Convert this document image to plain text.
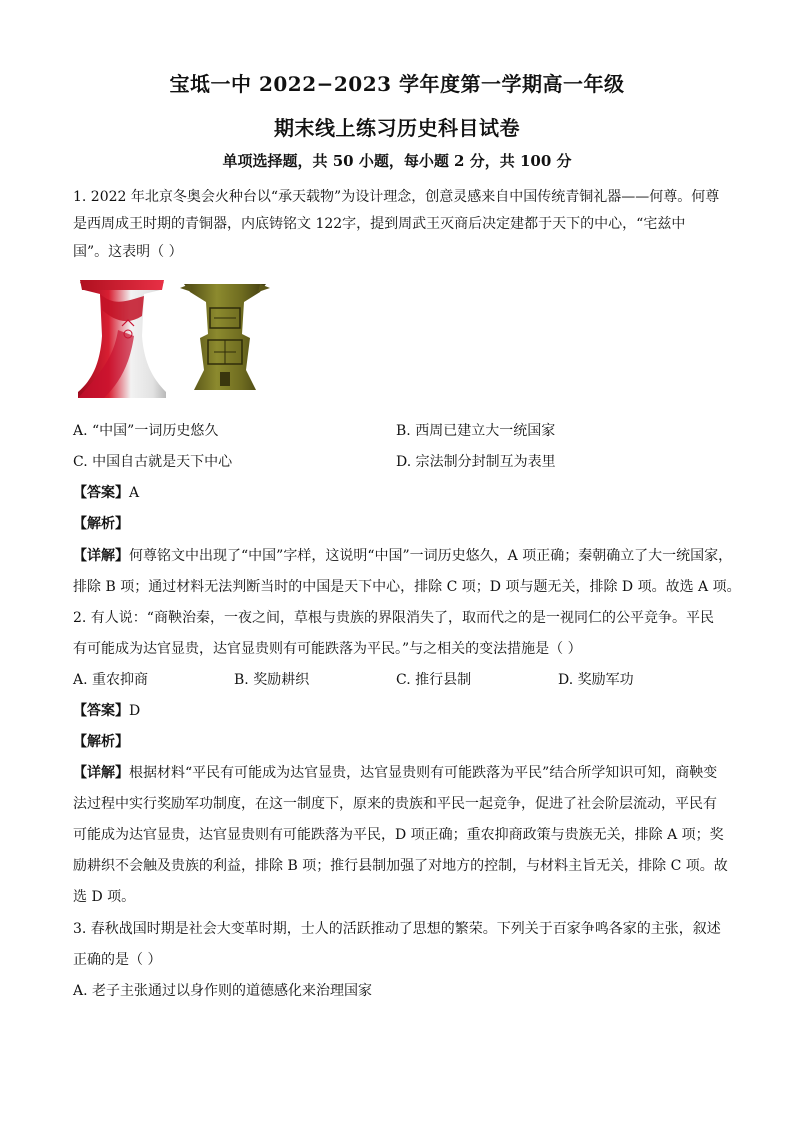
宝坻一中 2022−2023 学年度第一学期高一年级
期末线上练习历史科目试卷
单项选择题，共 50 小题，每小题 2 分，共 100 分
1. 2022 年北京冬奥会火种台以“承天载物”为设计理念，创意灵感来自中国传统青铜礼器——何尊。何尊
是西周成王时期的青铜器，内底铸铭文 122字，提到周武王灭商后决定建都于天下的中心，“宅兹中
国”。这表明（ ）
A. “中国”一词历史悠久	B. 西周已建立大一统国家
C. 中国自古就是天下中心	D. 宗法制分封制互为表里
【答案】A
【解析】
【详解】何尊铭文中出现了“中国”字样，这说明“中国”一词历史悠久，A 项正确；秦朝确立了大一统国家，
排除 B 项；通过材料无法判断当时的中国是天下中心，排除 C 项；D 项与题无关，排除 D 项。故选 A 项。
2. 有人说：“商鞅治秦，一夜之间，草根与贵族的界限消失了，取而代之的是一视同仁的公平竞争。平民
有可能成为达官显贵，达官显贵则有可能跌落为平民。”与之相关的变法措施是（ ）
A. 重农抑商	B. 奖励耕织	C. 推行县制	D. 奖励军功
【答案】D
【解析】
【详解】根据材料“平民有可能成为达官显贵，达官显贵则有可能跌落为平民”结合所学知识可知，商鞅变
法过程中实行奖励军功制度，在这一制度下，原来的贵族和平民一起竞争，促进了社会阶层流动，平民有
可能成为达官显贵，达官显贵则有可能跌落为平民，D 项正确；重农抑商政策与贵族无关，排除 A 项；奖
励耕织不会触及贵族的利益，排除 B 项；推行县制加强了对地方的控制，与材料主旨无关，排除 C 项。故
选 D 项。
3. 春秋战国时期是社会大变革时期，士人的活跃推动了思想的繁荣。下列关于百家争鸣各家的主张，叙述
正确的是（ ）
A. 老子主张通过以身作则的道德感化来治理国家
